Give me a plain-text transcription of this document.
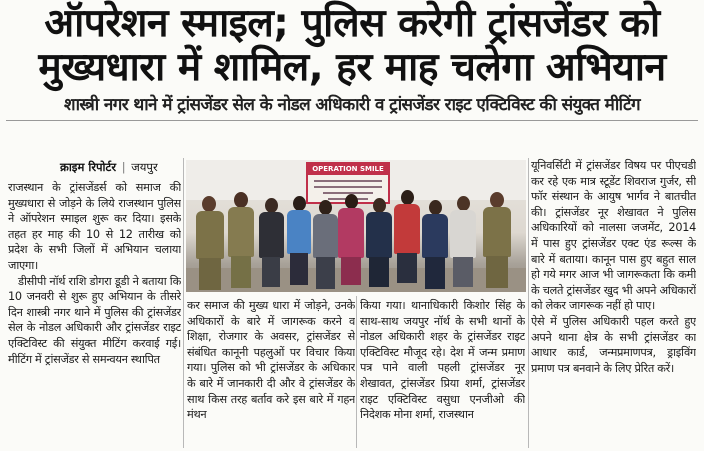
ऑपरेशन स्माइल; पुलिस करेगी ट्रांसजेंडर को मुख्यधारा में शामिल, हर माह चलेगा अभियान
शास्त्री नगर थाने में ट्रांसजेंडर सेल के नोडल अधिकारी व ट्रांसजेंडर राइट एक्टिविस्ट की संयुक्त मीटिंग
क्राइम रिपोर्टर | जयपुर

राजस्थान के ट्रांसजेंडर्स को समाज की मुख्यधारा से जोड़ने के लिये राजस्थान पुलिस ने ऑपरेशन स्माइल शुरू कर दिया। इसके तहत हर माह की 10 से 12 तारीख को प्रदेश के सभी जिलों में अभियान चलाया जाएगा।

डीसीपी नॉर्थ राशि डोगरा डूडी ने बताया कि 10 जनवरी से शुरू हुए अभियान के तीसरे दिन शास्त्री नगर थाने में पुलिस की ट्रांसजेंडर सेल के नोडल अधिकारी और ट्रांसजेंडर राइट एक्टिविस्ट की संयुक्त मीटिंग करवाई गई। मीटिंग में ट्रांसजेंडर से समन्वयन स्थापित

OPERATION SMILE

कर समाज की मुख्य धारा में जोड़ने, उनके अधिकारों के बारे में जागरूक करने व शिक्षा, रोजगार के अवसर, ट्रांसजेंडर से संबंधित कानूनी पहलुओं पर विचार किया गया। पुलिस को भी ट्रांसजेंडर के अधिकार के बारे में जानकारी दी और वे ट्रांसजेंडर के साथ किस तरह बर्ताव करे इस बारे में गहन मंथन

किया गया। थानाधिकारी किशोर सिंह के साथ-साथ जयपुर नॉर्थ के सभी थानों के नोडल अधिकारी शहर के ट्रांसजेंडर राइट एक्टिविस्ट मौजूद रहे। देश में जन्म प्रमाण पत्र पाने वाली पहली ट्रांसजेंडर नूर शेखावत, ट्रांसजेंडर प्रिया शर्मा, ट्रांसजेंडर राइट एक्टिविस्ट वसुधा एनजीओ की निदेशक मोना शर्मा, राजस्थान

यूनिवर्सिटी में ट्रांसजेंडर विषय पर पीएचडी कर रहे एक मात्र स्टूडेंट शिवराज गुर्जर, सी फॉर संस्थान के आयुष भार्गव ने बातचीत की। ट्रांसजेंडर नूर शेखावत ने पुलिस अधिकारियों को नालसा जजमेंट, 2014 में पास हुए ट्रांसजेंडर एक्ट एंड रूल्स के बारे में बताया। कानून पास हुए बहुत साल हो गये मगर आज भी जागरूकता कि कमी के चलते ट्रांसजेंडर खुद भी अपने अधिकारों को लेकर जागरूक नहीं हो पाए।

ऐसे में पुलिस अधिकारी पहल करते हुए अपने थाना क्षेत्र के सभी ट्रांसजेंडर का आधार कार्ड, जन्मप्रमाणपत्र, ड्राइविंग प्रमाण पत्र बनवाने के लिए प्रेरित करें।
